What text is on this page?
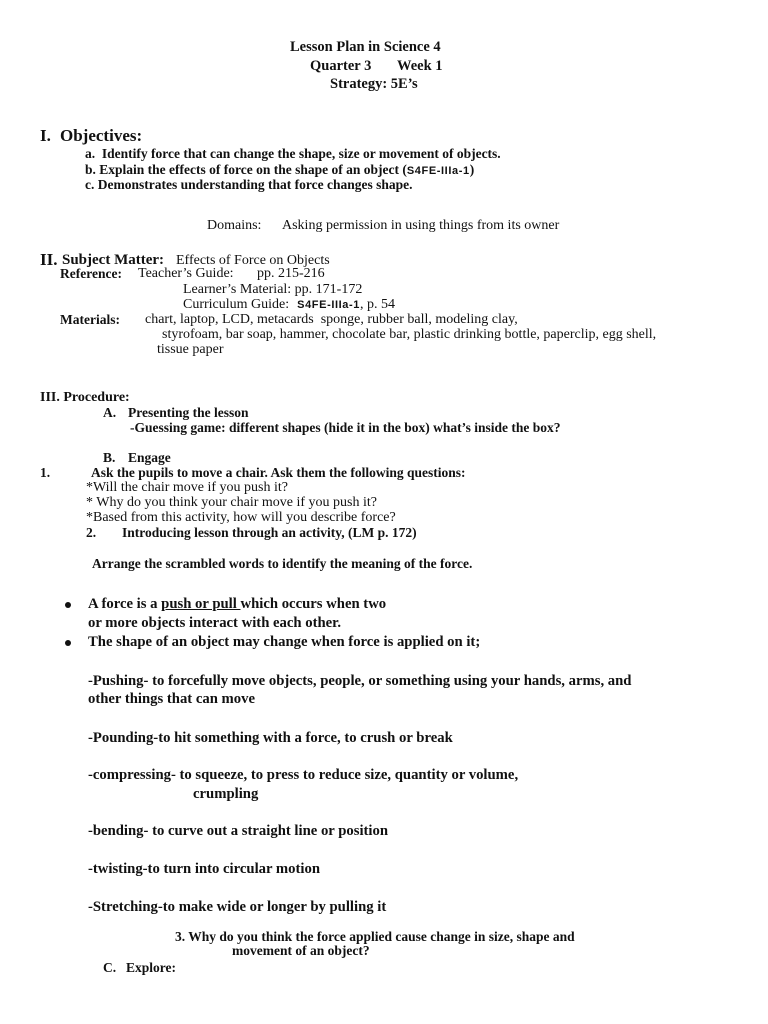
Lesson Plan in Science 4
Quarter 3 Week 1
Strategy: 5E’s
I. Objectives:
a.  Identify force that can change the shape, size or movement of objects.
b. Explain the effects of force on the shape of an object (S4FE-IIIa-1)
c. Demonstrates understanding that force changes shape.
Domains: Asking permission in using things from its owner
II. Subject Matter: Effects of Force on Objects
Reference: Teacher’s Guide: pp. 215-216
Learner’s Material: pp. 171-172
Curriculum Guide: S4FE-IIIa-1, p. 54
Materials: chart, laptop, LCD, metacards  sponge, rubber ball, modeling clay,
styrofoam, bar soap, hammer, chocolate bar, plastic drinking bottle, paperclip, egg shell,
tissue paper
III. Procedure:
A. Presenting the lesson
-Guessing game: different shapes (hide it in the box) what’s inside the box?
B. Engage
1.	Ask the pupils to move a chair. Ask them the following questions:
*Will the chair move if you push it?
* Why do you think your chair move if you push it?
*Based from this activity, how will you describe force?
2. Introducing lesson through an activity, (LM p. 172)
Arrange the scrambled words to identify the meaning of the force.
A force is a push or pull which occurs when two
or more objects interact with each other.
The shape of an object may change when force is applied on it;
-Pushing- to forcefully move objects, people, or something using your hands, arms, and
other things that can move
-Pounding-to hit something with a force, to crush or break
-compressing- to squeeze, to press to reduce size, quantity or volume,
crumpling
-bending- to curve out a straight line or position
-twisting-to turn into circular motion
-Stretching-to make wide or longer by pulling it
3. Why do you think the force applied cause change in size, shape and
movement of an object?
C. Explore:
